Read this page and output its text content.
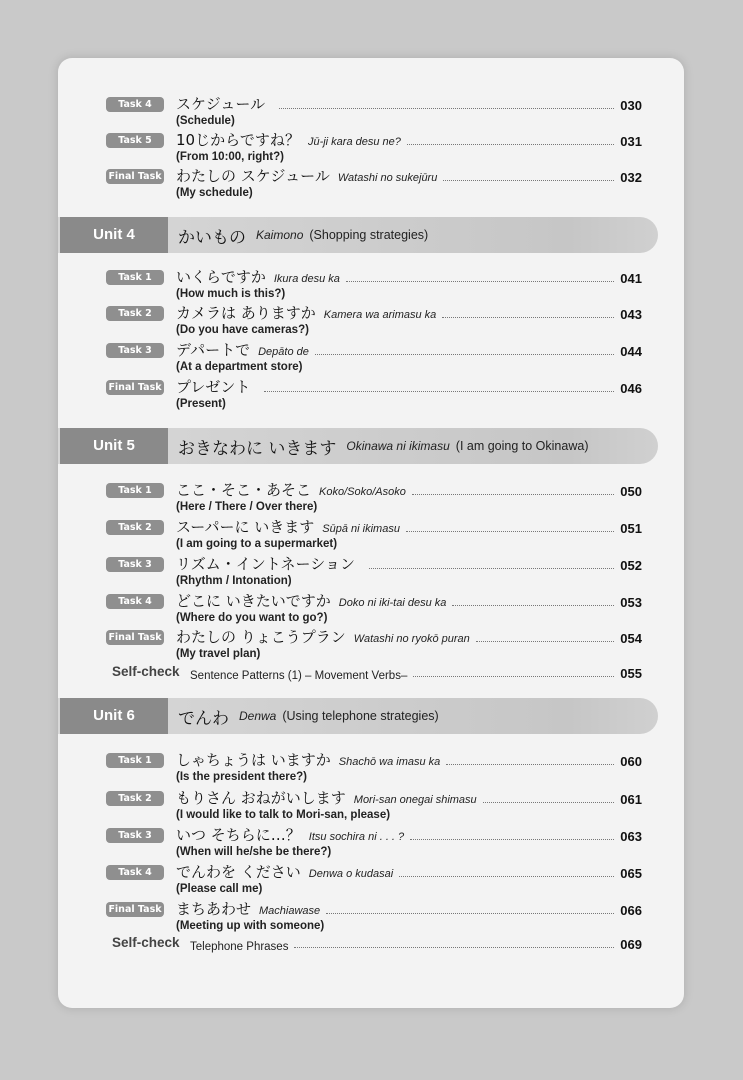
Task 4	スケジュール	030
(Schedule)
Task 5	10じからですね？ Jū-ji kara desu ne?	031
(From 10:00, right?)
Final Task わたしの スケジュール Watashi no sukejūru	032
(My schedule)
Unit 4	かいもの Kaimono (Shopping strategies)
Task 1	いくらですか Ikura desu ka	041
(How much is this?)
Task 2	カメラは ありますか Kamera wa arimasu ka	043
(Do you have cameras?)
Task 3	デパートで Depāto de	044
(At a department store)
Final Task プレゼント	046
(Present)
Unit 5	おきなわに いきます Okinawa ni ikimasu (I am going to Okinawa)
Task 1	ここ・そこ・あそこ Koko/Soko/Asoko	050
(Here / There / Over there)
Task 2	スーパーに いきます Sūpā ni ikimasu	051
(I am going to a supermarket)
Task 3	リズム・イントネーション	052
(Rhythm / Intonation)
Task 4	どこに いきたいですか Doko ni iki-tai desu ka	053
(Where do you want to go?)
Final Task わたしの りょこうプラン Watashi no ryokō puran	054
(My travel plan)
Self-check Sentence Patterns (1) – Movement Verbs–	055
Unit 6	でんわ Denwa (Using telephone strategies)
Task 1	しゃちょうは いますか Shachō wa imasu ka	060
(Is the president there?)
Task 2	もりさん おねがいします Mori-san onegai shimasu	061
(I would like to talk to Mori-san, please)
Task 3	いつ そちらに…？ Itsu sochira ni . . . ?	063
(When will he/she be there?)
Task 4	でんわを ください Denwa o kudasai	065
(Please call me)
Final Task まちあわせ Machiawase	066
(Meeting up with someone)
Self-check Telephone Phrases	069
